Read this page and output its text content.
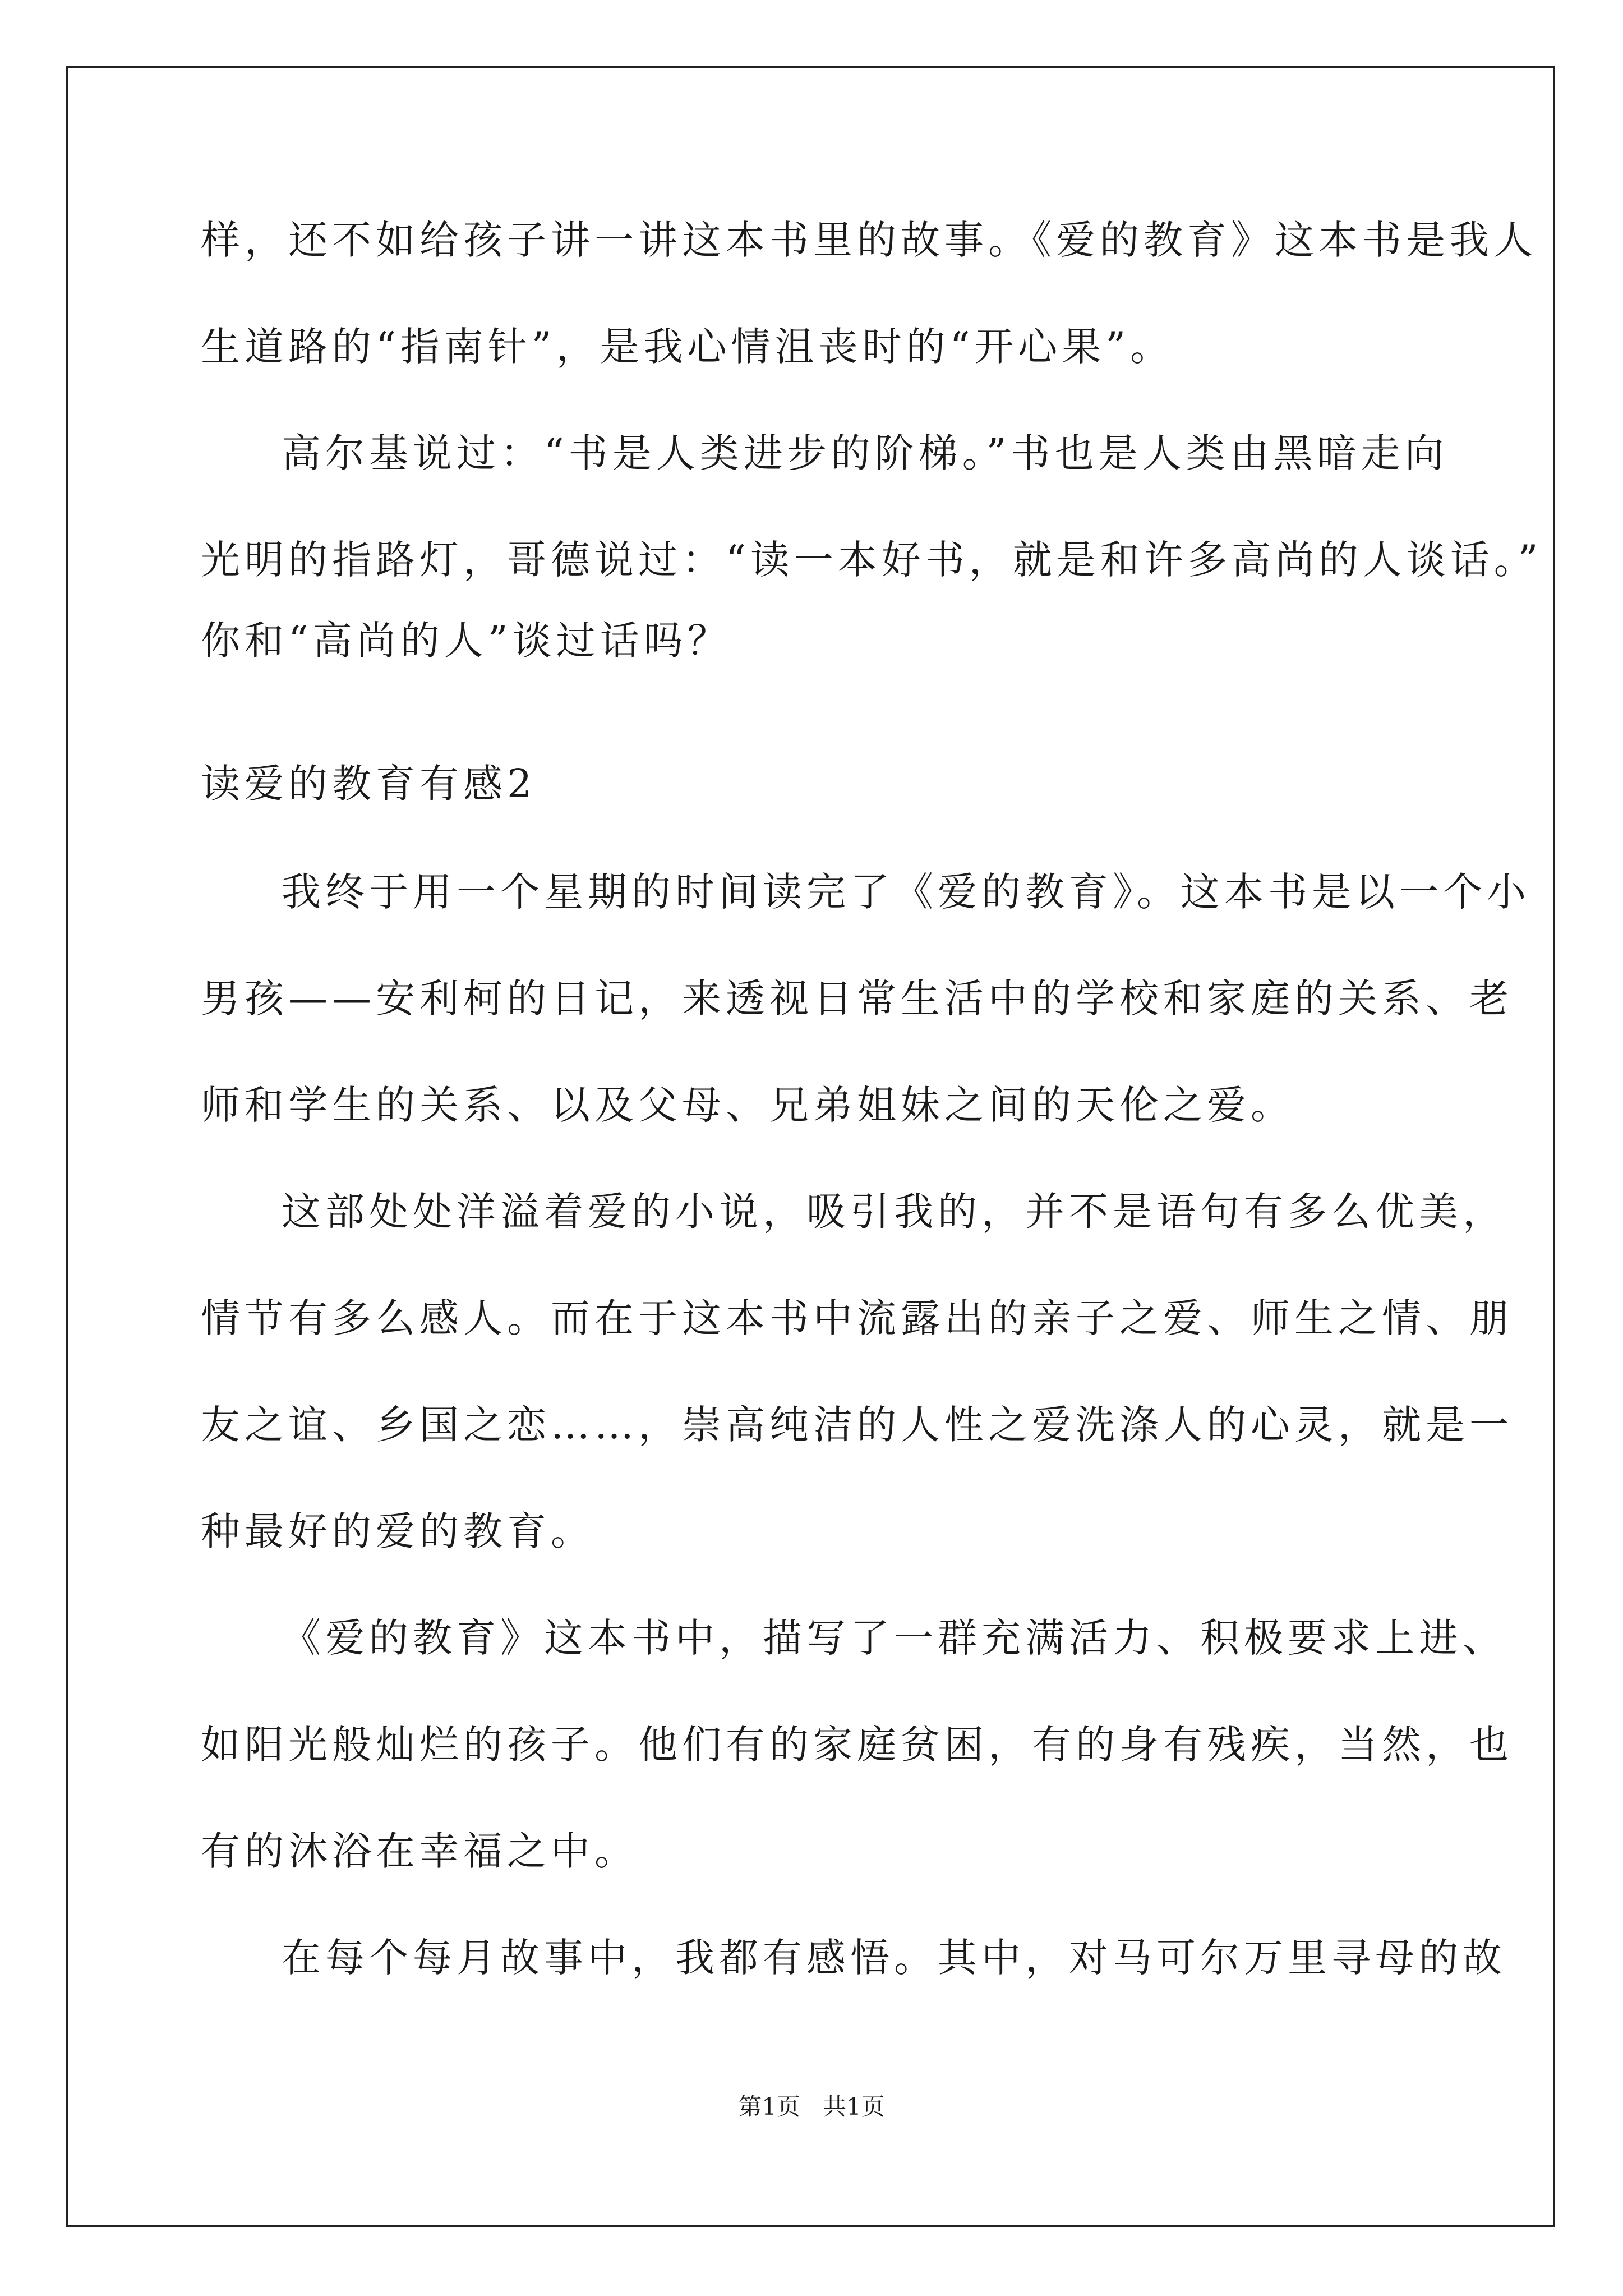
样，还不如给孩子讲一讲这本书里的故事。《爱的教育》这本书是我人
生道路的“指南针”，是我心情沮丧时的“开心果”。
高尔基说过：“书是人类进步的阶梯。”书也是人类由黑暗走向
光明的指路灯，哥德说过：“读一本好书，就是和许多高尚的人谈话。”
你和“高尚的人”谈过话吗？
读爱的教育有感2
我终于用一个星期的时间读完了《爱的教育》。这本书是以一个小
男孩——安利柯的日记，来透视日常生活中的学校和家庭的关系、老
师和学生的关系、以及父母、兄弟姐妹之间的天伦之爱。
这部处处洋溢着爱的小说，吸引我的，并不是语句有多么优美，
情节有多么感人。而在于这本书中流露出的亲子之爱、师生之情、朋
友之谊、乡国之恋……，崇高纯洁的人性之爱洗涤人的心灵，就是一
种最好的爱的教育。
《爱的教育》这本书中，描写了一群充满活力、积极要求上进、
如阳光般灿烂的孩子。他们有的家庭贫困，有的身有残疾，当然，也
有的沐浴在幸福之中。
在每个每月故事中，我都有感悟。其中，对马可尔万里寻母的故
第1页   共1页
